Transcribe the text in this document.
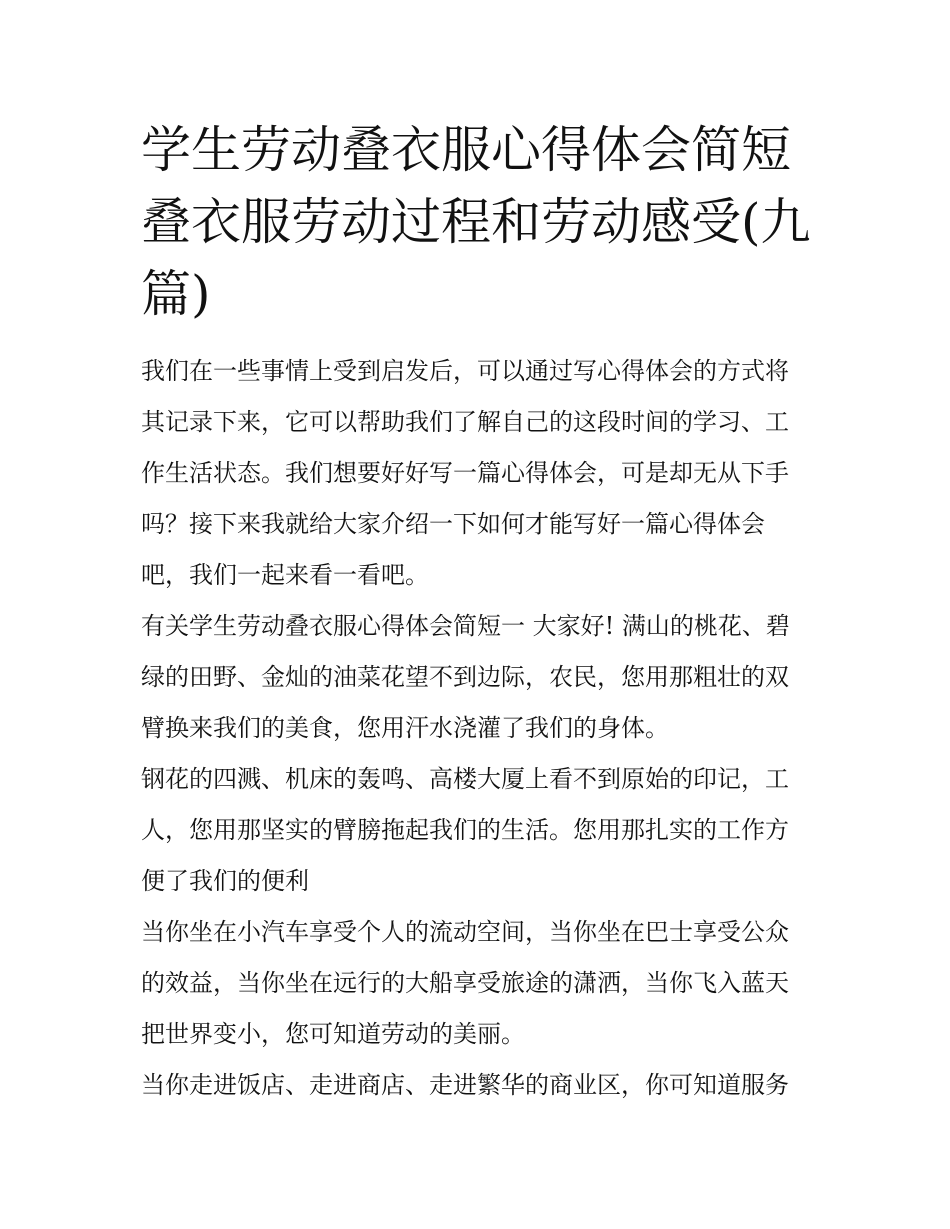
学生劳动叠衣服心得体会简短
叠衣服劳动过程和劳动感受(九
篇)

我们在一些事情上受到启发后，可以通过写心得体会的方式将
其记录下来，它可以帮助我们了解自己的这段时间的学习、工
作生活状态。我们想要好好写一篇心得体会，可是却无从下手
吗？接下来我就给大家介绍一下如何才能写好一篇心得体会
吧，我们一起来看一看吧。

有关学生劳动叠衣服心得体会简短一 大家好! 满山的桃花、碧
绿的田野、金灿的油菜花望不到边际，农民，您用那粗壮的双
臂换来我们的美食，您用汗水浇灌了我们的身体。

钢花的四溅、机床的轰鸣、高楼大厦上看不到原始的印记，工
人，您用那坚实的臂膀拖起我们的生活。您用那扎实的工作方
便了我们的便利

当你坐在小汽车享受个人的流动空间，当你坐在巴士享受公众
的效益，当你坐在远行的大船享受旅途的潇洒，当你飞入蓝天
把世界变小，您可知道劳动的美丽。

当你走进饭店、走进商店、走进繁华的商业区，你可知道服务
